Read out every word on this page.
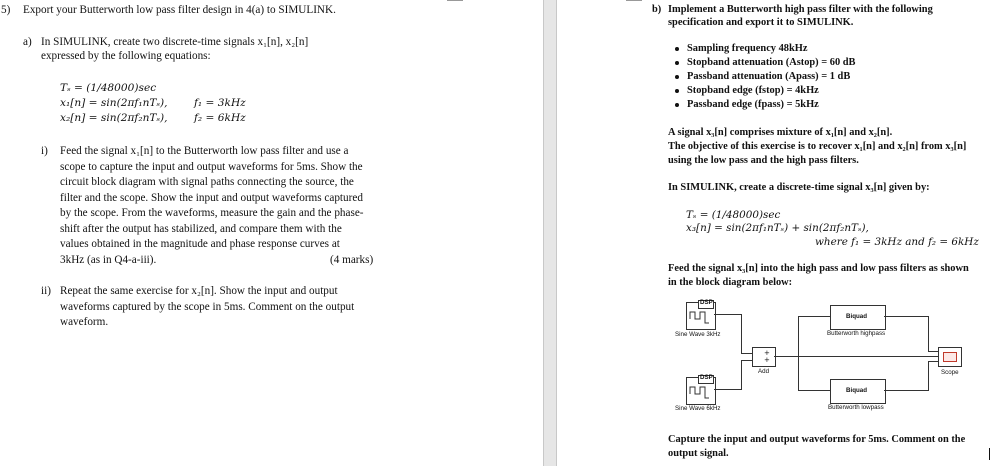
5) Export your Butterworth low pass filter design in 4(a) to SIMULINK.
a) In SIMULINK, create two discrete-time signals x₁[n], x₂[n]
expressed by the following equations:
Tₛ = (1/48000)sec
x₁[n] = sin(2πf₁nTₛ), f₁ = 3kHz
x₂[n] = sin(2πf₂nTₛ), f₂ = 6kHz
i) Feed the signal x₁[n] to the Butterworth low pass filter and use a
scope to capture the input and output waveforms for 5ms. Show the
circuit block diagram with signal paths connecting the source, the
filter and the scope. Show the input and output waveforms captured
by the scope. From the waveforms, measure the gain and the phase-
shift after the output has stabilized, and compare them with the
values obtained in the magnitude and phase response curves at
3kHz (as in Q4-a-iii).	(4 marks)
ii) Repeat the same exercise for x₂[n]. Show the input and output
waveforms captured by the scope in 5ms. Comment on the output
waveform.
b) Implement a Butterworth high pass filter with the following
specification and export it to SIMULINK.
Sampling frequency 48kHz
Stopband attenuation (Astop) = 60 dB
Passband attenuation (Apass) = 1 dB
Stopband edge (fstop) = 4kHz
Passband edge (fpass) = 5kHz
A signal x₃[n] comprises mixture of x₁[n] and x₂[n].
The objective of this exercise is to recover x₁[n] and x₂[n] from x₃[n]
using the low pass and the high pass filters.
In SIMULINK, create a discrete-time signal x₃[n] given by:
Tₛ = (1/48000)sec
x₃[n] = sin(2πf₁nTₛ) + sin(2πf₂nTₛ),
where f₁ = 3kHz and f₂ = 6kHz
Feed the signal x₃[n] into the high pass and low pass filters as shown
in the block diagram below:
DSP
Sine Wave 3kHz
DSP
Sine Wave 6kHz
+
+
Add
Biquad
Butterworth highpass
Biquad
Butterworth lowpass
Scope
Capture the input and output waveforms for 5ms. Comment on the
output signal.
